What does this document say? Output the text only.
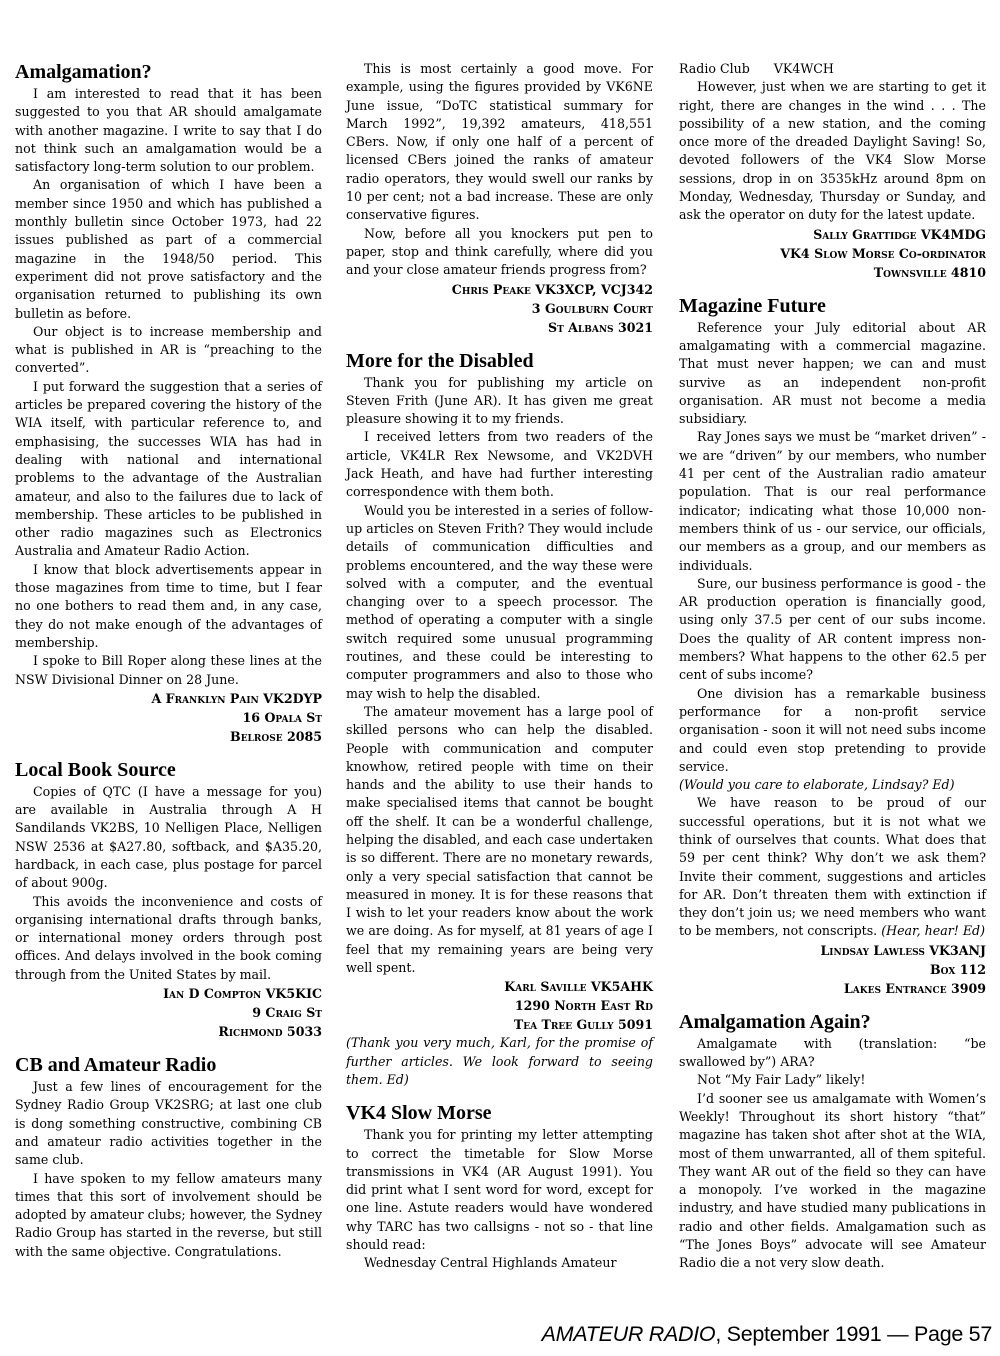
Amalgamation?

I am interested to read that it has been suggested to you that AR should amalgamate with another magazine. I write to say that I do not think such an amalgamation would be a satisfactory long-term solution to our problem.

An organisation of which I have been a member since 1950 and which has published a monthly bulletin since October 1973, had 22 issues published as part of a commercial magazine in the 1948/50 period. This experiment did not prove satisfactory and the organisation returned to publishing its own bulletin as before.

Our object is to increase membership and what is published in AR is “preaching to the converted”.

I put forward the suggestion that a series of articles be prepared covering the history of the WIA itself, with particular reference to, and emphasising, the successes WIA has had in dealing with national and international problems to the advantage of the Australian amateur, and also to the failures due to lack of membership. These articles to be published in other radio magazines such as Electronics Australia and Amateur Radio Action.

I know that block advertisements appear in those magazines from time to time, but I fear no one bothers to read them and, in any case, they do not make enough of the advantages of membership.

I spoke to Bill Roper along these lines at the NSW Divisional Dinner on 28 June.

A Franklyn Pain VK2DYP
16 Opala St
Belrose 2085
Local Book Source

Copies of QTC (I have a message for you) are available in Australia through A H Sandilands VK2BS, 10 Nelligen Place, Nelligen NSW 2536 at $A27.80, softback, and $A35.20, hardback, in each case, plus postage for parcel of about 900g.

This avoids the inconvenience and costs of organising international drafts through banks, or international money orders through post offices. And delays involved in the book coming through from the United States by mail.

Ian D Compton VK5KIC
9 Craig St
Richmond 5033
CB and Amateur Radio

Just a few lines of encouragement for the Sydney Radio Group VK2SRG; at last one club is dong something constructive, combining CB and amateur radio activities together in the same club.

I have spoken to my fellow amateurs many times that this sort of involvement should be adopted by amateur clubs; however, the Sydney Radio Group has started in the reverse, but still with the same objective. Congratulations.

This is most certainly a good move. For example, using the figures provided by VK6NE June issue, “DoTC statistical summary for March 1992”, 19,392 amateurs, 418,551 CBers. Now, if only one half of a percent of licensed CBers joined the ranks of amateur radio operators, they would swell our ranks by 10 per cent; not a bad increase. These are only conservative figures.

Now, before all you knockers put pen to paper, stop and think carefully, where did you and your close amateur friends progress from?

Chris Peake VK3XCP, VCJ342
3 Goulburn Court
St Albans 3021
More for the Disabled

Thank you for publishing my article on Steven Frith (June AR). It has given me great pleasure showing it to my friends.

I received letters from two readers of the article, VK4LR Rex Newsome, and VK2DVH Jack Heath, and have had further interesting correspondence with them both.

Would you be interested in a series of follow-up articles on Steven Frith? They would include details of communication difficulties and problems encountered, and the way these were solved with a computer, and the eventual changing over to a speech processor. The method of operating a computer with a single switch required some unusual programming routines, and these could be interesting to computer programmers and also to those who may wish to help the disabled.

The amateur movement has a large pool of skilled persons who can help the disabled. People with communication and computer knowhow, retired people with time on their hands and the ability to use their hands to make specialised items that cannot be bought off the shelf. It can be a wonderful challenge, helping the disabled, and each case undertaken is so different. There are no monetary rewards, only a very special satisfaction that cannot be measured in money. It is for these reasons that I wish to let your readers know about the work we are doing. As for myself, at 81 years of age I feel that my remaining years are being very well spent.

Karl Saville VK5AHK
1290 North East Rd
Tea Tree Gully 5091

(Thank you very much, Karl, for the promise of further articles. We look forward to seeing them. Ed)

VK4 Slow Morse

Thank you for printing my letter attempting to correct the timetable for Slow Morse transmissions in VK4 (AR August 1991). You did print what I sent word for word, except for one line. Astute readers would have wondered why TARC has two callsigns - not so - that line should read:

Wednesday Central Highlands Amateur

Radio Club      VK4WCH

However, just when we are starting to get it right, there are changes in the wind . . . The possibility of a new station, and the coming once more of the dreaded Daylight Saving! So, devoted followers of the VK4 Slow Morse sessions, drop in on 3535kHz around 8pm on Monday, Wednesday, Thursday or Sunday, and ask the operator on duty for the latest update.

Sally Grattidge VK4MDG
VK4 Slow Morse Co-ordinator
Townsville 4810
Magazine Future

Reference your July editorial about AR amalgamating with a commercial magazine. That must never happen; we can and must survive as an independent non-profit organisation. AR must not become a media subsidiary.

Ray Jones says we must be “market driven” - we are “driven” by our members, who number 41 per cent of the Australian radio amateur population. That is our real performance indicator; indicating what those 10,000 non-members think of us - our service, our officials, our members as a group, and our members as individuals.

Sure, our business performance is good - the AR production operation is financially good, using only 37.5 per cent of our subs income. Does the quality of AR content impress non-members? What happens to the other 62.5 per cent of subs income?

One division has a remarkable business performance for a non-profit service organisation - soon it will not need subs income and could even stop pretending to provide service.

(Would you care to elaborate, Lindsay? Ed)

We have reason to be proud of our successful operations, but it is not what we think of ourselves that counts. What does that 59 per cent think? Why don’t we ask them? Invite their comment, suggestions and articles for AR. Don’t threaten them with extinction if they don’t join us; we need members who want to be members, not conscripts. (Hear, hear! Ed)

Lindsay Lawless VK3ANJ
Box 112
Lakes Entrance 3909
Amalgamation Again?

Amalgamate with (translation: “be swallowed by”) ARA?

Not “My Fair Lady” likely!

I’d sooner see us amalgamate with Women’s Weekly! Throughout its short history “that” magazine has taken shot after shot at the WIA, most of them unwarranted, all of them spiteful. They want AR out of the field so they can have a monopoly. I’ve worked in the magazine industry, and have studied many publications in radio and other fields. Amalgamation such as “The Jones Boys” advocate will see Amateur Radio die a not very slow death.

AMATEUR RADIO, September 1991 — Page 57
